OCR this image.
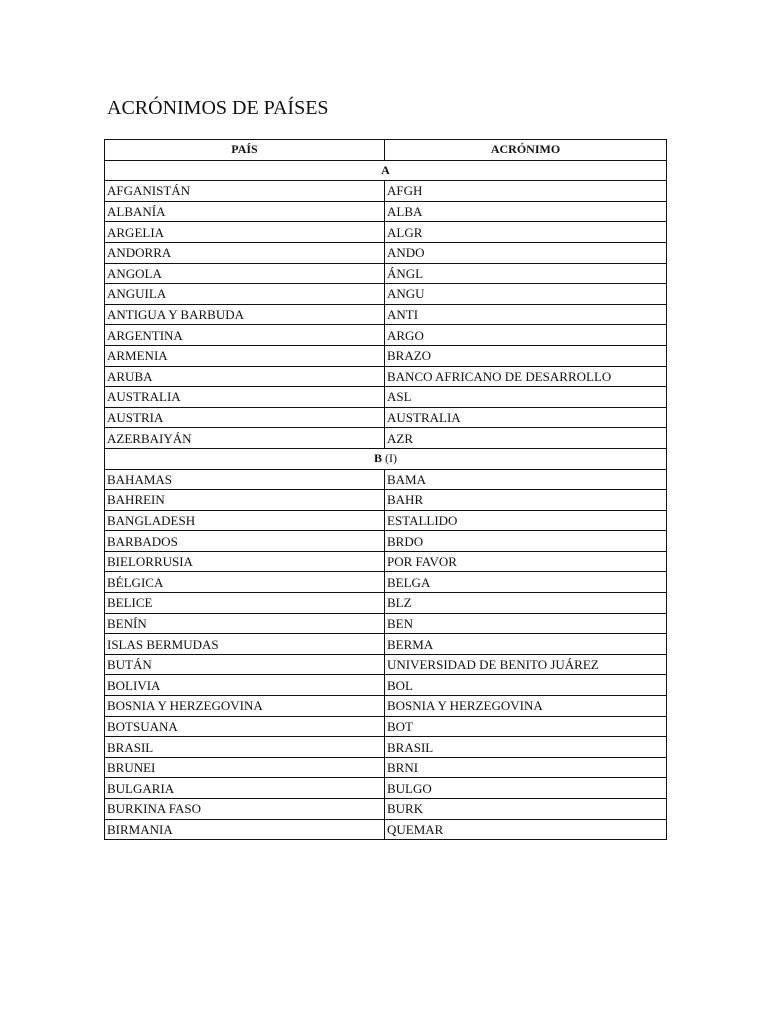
ACRÓNIMOS DE PAÍSES
PAÍS	ACRÓNIMO
A	
AFGANISTÁN	AFGH
ALBANÍA	ALBA
ARGELIA	ALGR
ANDORRA	ANDO
ANGOLA	ÁNGL
ANGUILA	ANGU
ANTIGUA Y BARBUDA	ANTI
ARGENTINA	ARGO
ARMENIA	BRAZO
ARUBA	BANCO AFRICANO DE DESARROLLO
AUSTRALIA	ASL
AUSTRIA	AUSTRALIA
AZERBAIYÁN	AZR
B (I)	
BAHAMAS	BAMA
BAHREIN	BAHR
BANGLADESH	ESTALLIDO
BARBADOS	BRDO
BIELORRUSIA	POR FAVOR
BÉLGICA	BELGA
BELICE	BLZ
BENÍN	BEN
ISLAS BERMUDAS	BERMA
BUTÁN	UNIVERSIDAD DE BENITO JUÁREZ
BOLIVIA	BOL
BOSNIA Y HERZEGOVINA	BOSNIA Y HERZEGOVINA
BOTSUANA	BOT
BRASIL	BRASIL
BRUNEI	BRNI
BULGARIA	BULGO
BURKINA FASO	BURK
BIRMANIA	QUEMAR
